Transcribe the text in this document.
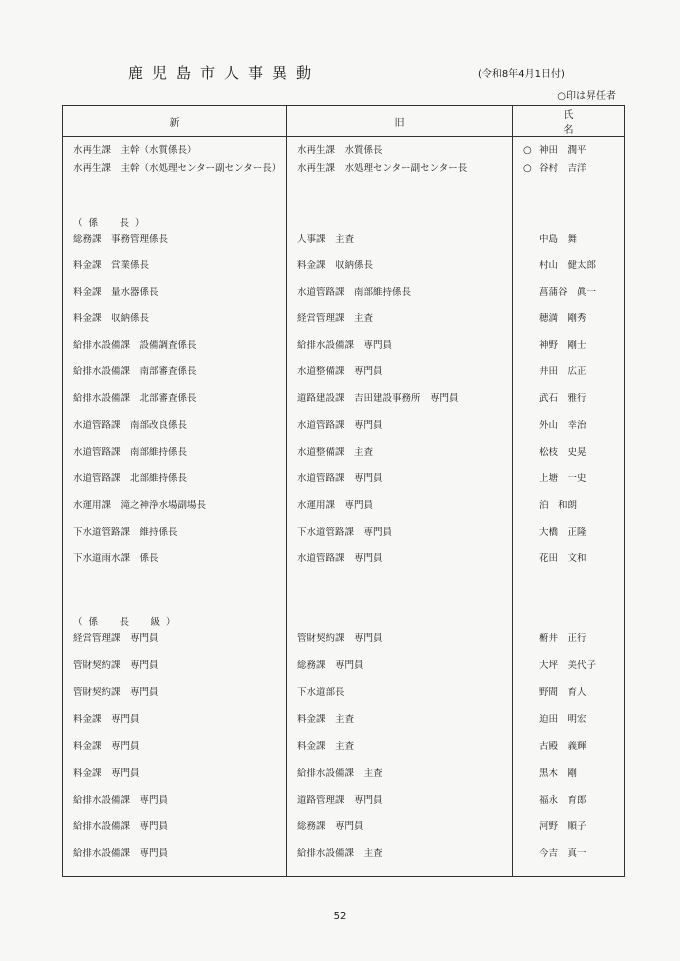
鹿児島市人事異動	(令和8年4月1日付)
○印は昇任者
新	旧	氏　名
水再生課　主幹（水質係長）	水再生課　水質係長	○ 神田　潤平
水再生課　主幹（水処理センター副センター長）	水再生課　水処理センター副センター長	○ 谷村　吉洋
（係　長）		
総務課　事務管理係長	人事課　主査	中島　舞
料金課　営業係長	料金課　収納係長	村山　健太郎
料金課　量水器係長	水道管路課　南部維持係長	菖蒲谷　眞一
料金課　収納係長	経営管理課　主査	穂満　剛秀
給排水設備課　設備調査係長	給排水設備課　専門員	神野　剛士
給排水設備課　南部審査係長	水道整備課　専門員	井田　広正
給排水設備課　北部審査係長	道路建設課　吉田建設事務所　専門員	武石　雅行
水道管路課　南部改良係長	水道管路課　専門員	外山　幸治
水道管路課　南部維持係長	水道整備課　主査	松枝　史晃
水道管路課　北部維持係長	水道管路課　専門員	上塘　一史
水運用課　滝之神浄水場副場長	水運用課　専門員	泊　和朗
下水道管路課　維持係長	下水道管路課　専門員	大橋　正隆
下水道雨水課　係長	水道管路課　専門員	花田　文和
（係　長　級）		
経営管理課　専門員	管財契約課　専門員	椨井　正行
管財契約課　専門員	総務課　専門員	大坪　美代子
管財契約課　専門員	下水道部長	野間　育人
料金課　専門員	料金課　主査	迫田　明宏
料金課　専門員	料金課　主査	古殿　義輝
料金課　専門員	給排水設備課　主査	黒木　剛
給排水設備課　専門員	道路管理課　専門員	福永　育郎
給排水設備課　専門員	総務課　専門員	河野　順子
給排水設備課　専門員	給排水設備課　主査	今吉　真一
52
